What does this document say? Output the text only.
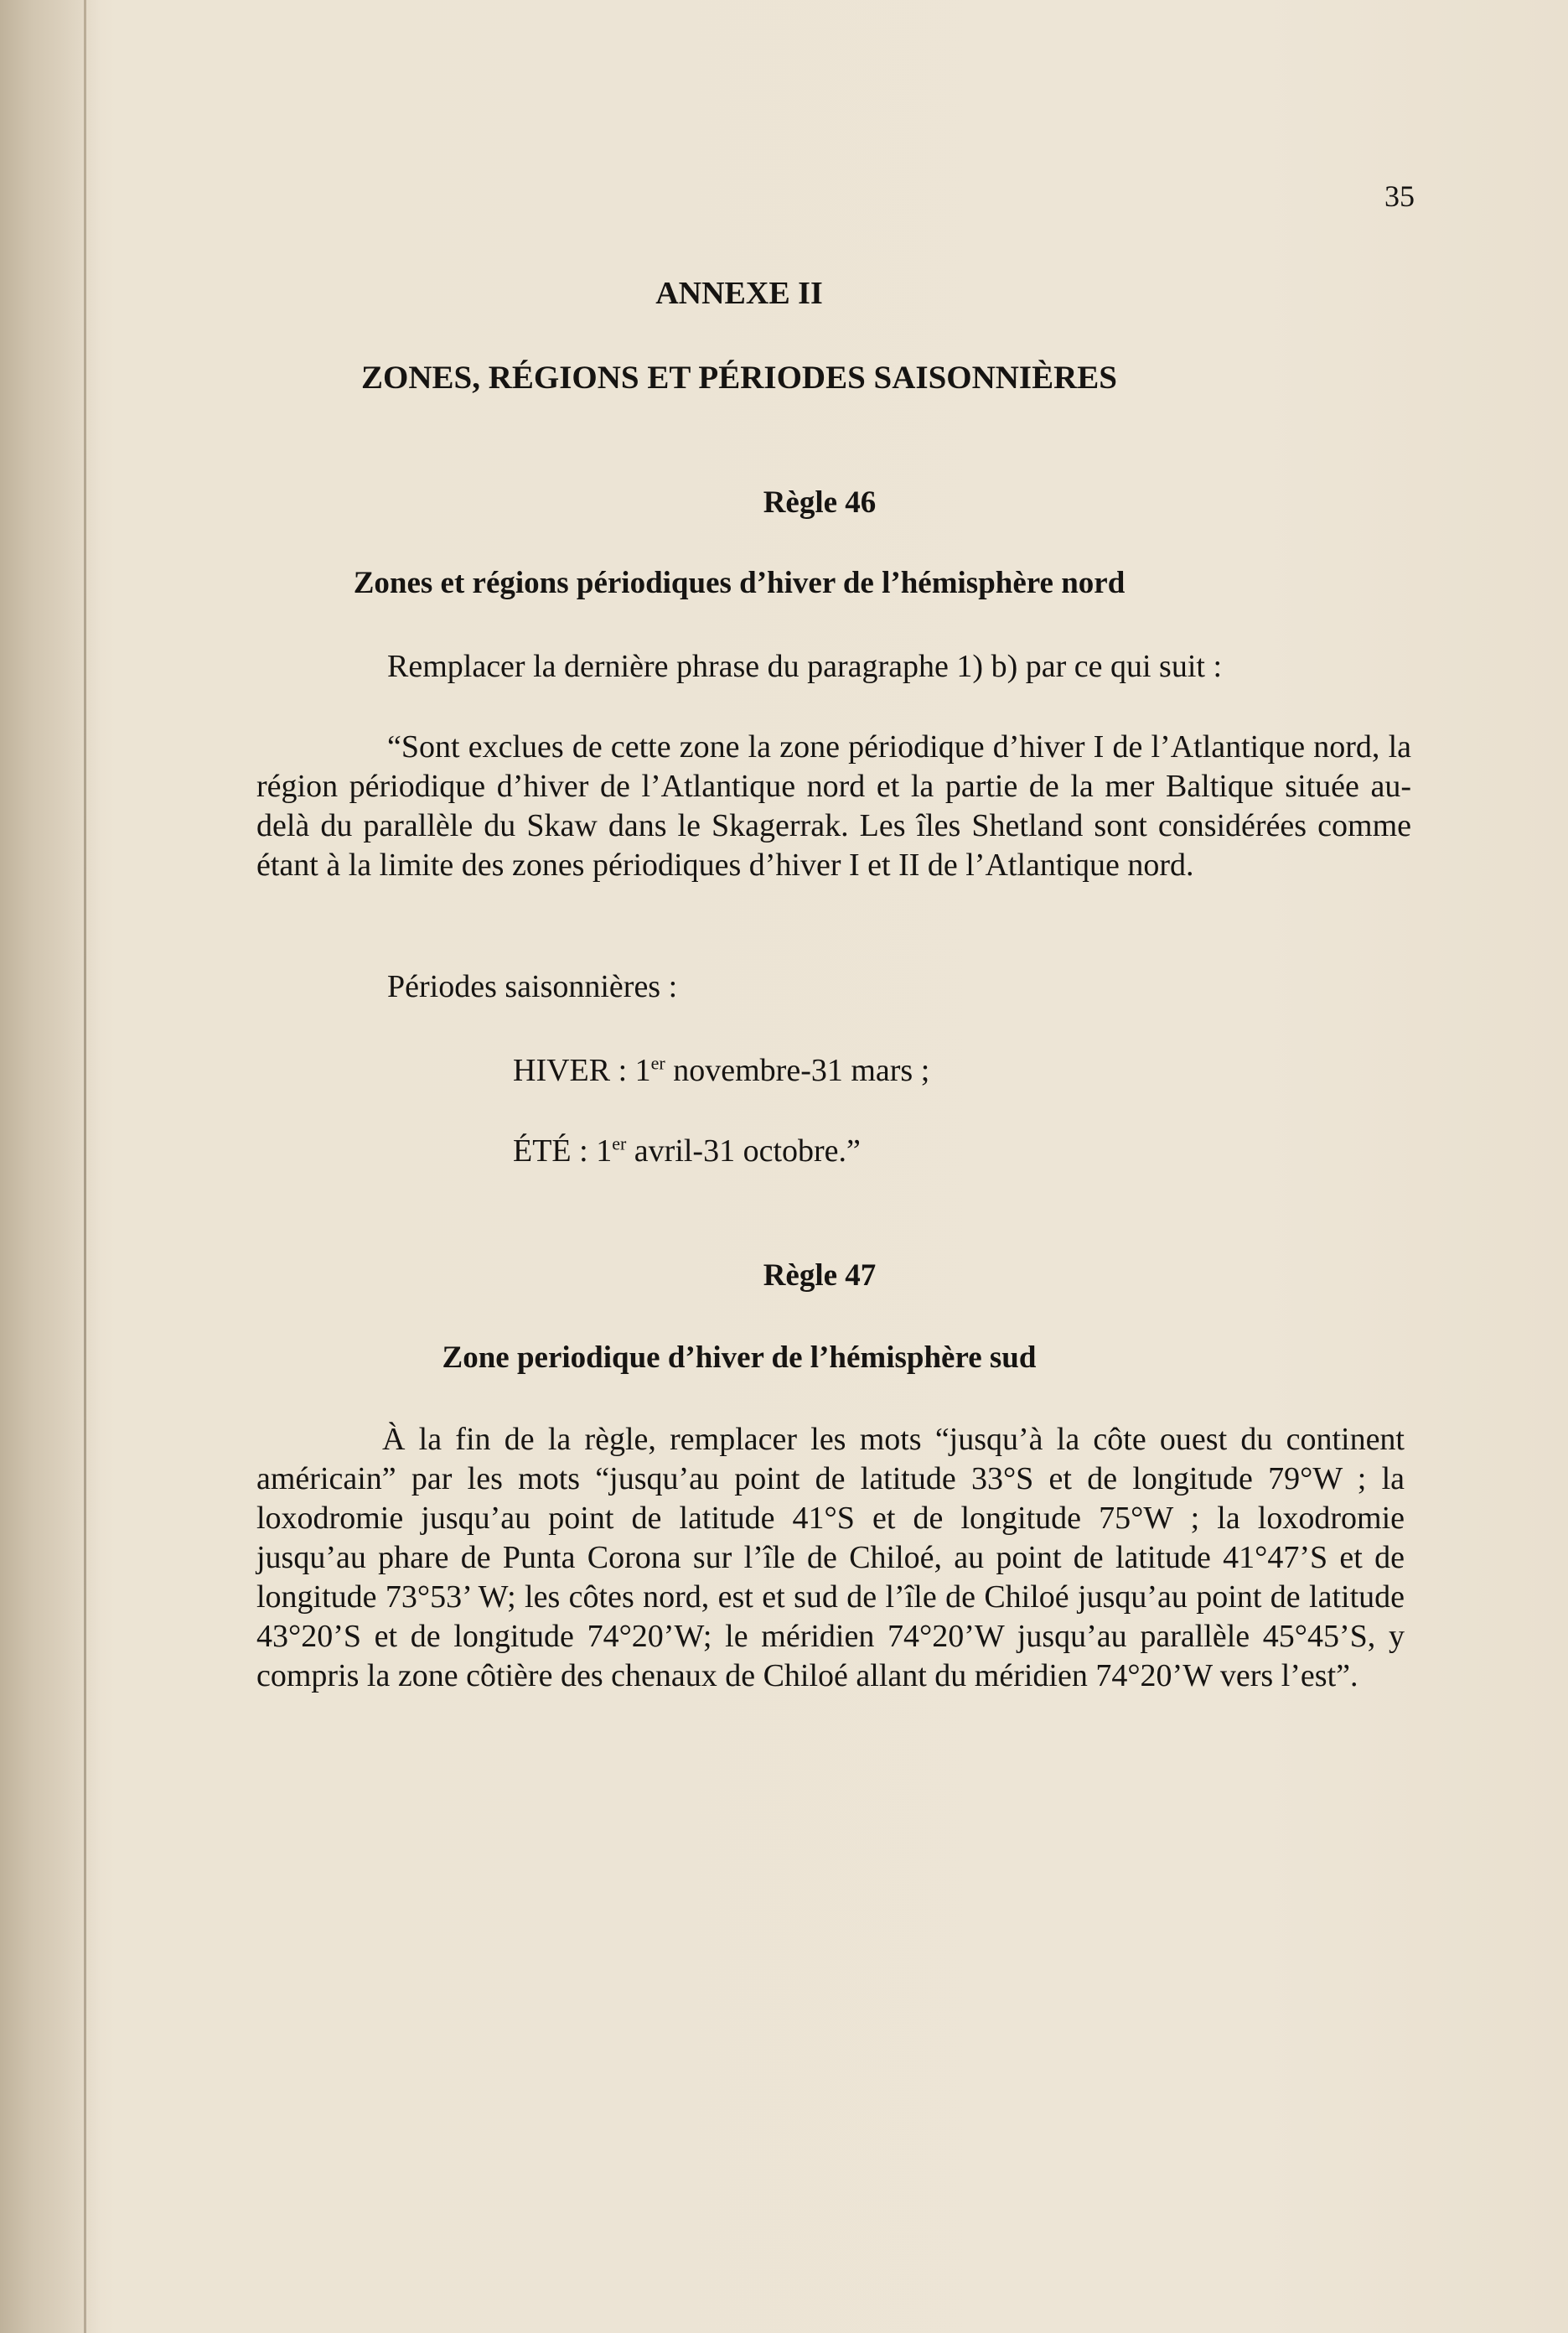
35
ANNEXE II
ZONES, RÉGIONS ET PÉRIODES SAISONNIÈRES
Règle 46
Zones et régions périodiques d’hiver de l’hémisphère nord
Remplacer la dernière phrase du paragraphe 1) b) par ce qui suit :
“Sont exclues de cette zone la zone périodique d’hiver I de l’Atlantique nord, la région périodique d’hiver de l’Atlantique nord et la partie de la mer Baltique située au-delà du parallèle du Skaw dans le Skagerrak. Les îles Shetland sont considérées comme étant à la limite des zones périodiques d’hiver I et II de l’Atlantique nord.
Périodes saisonnières :
HIVER : 1er novembre-31 mars ;
ÉTÉ : 1er avril-31 octobre.”
Règle 47
Zone periodique d’hiver de l’hémisphère sud
À la fin de la règle, remplacer les mots “jusqu’à la côte ouest du continent américain” par les mots “jusqu’au point de latitude 33°S et de longitude 79°W ; la loxodromie jusqu’au point de latitude 41°S et de longitude 75°W ; la loxodromie jusqu’au phare de Punta Corona sur l’île de Chiloé, au point de latitude 41°47’S et de longitude 73°53’ W; les côtes nord, est et sud de l’île de Chiloé jusqu’au point de latitude 43°20’S et de longitude 74°20’W; le méridien 74°20’W jusqu’au parallèle 45°45’S, y compris la zone côtière des chenaux de Chiloé allant du méridien 74°20’W vers l’est”.
